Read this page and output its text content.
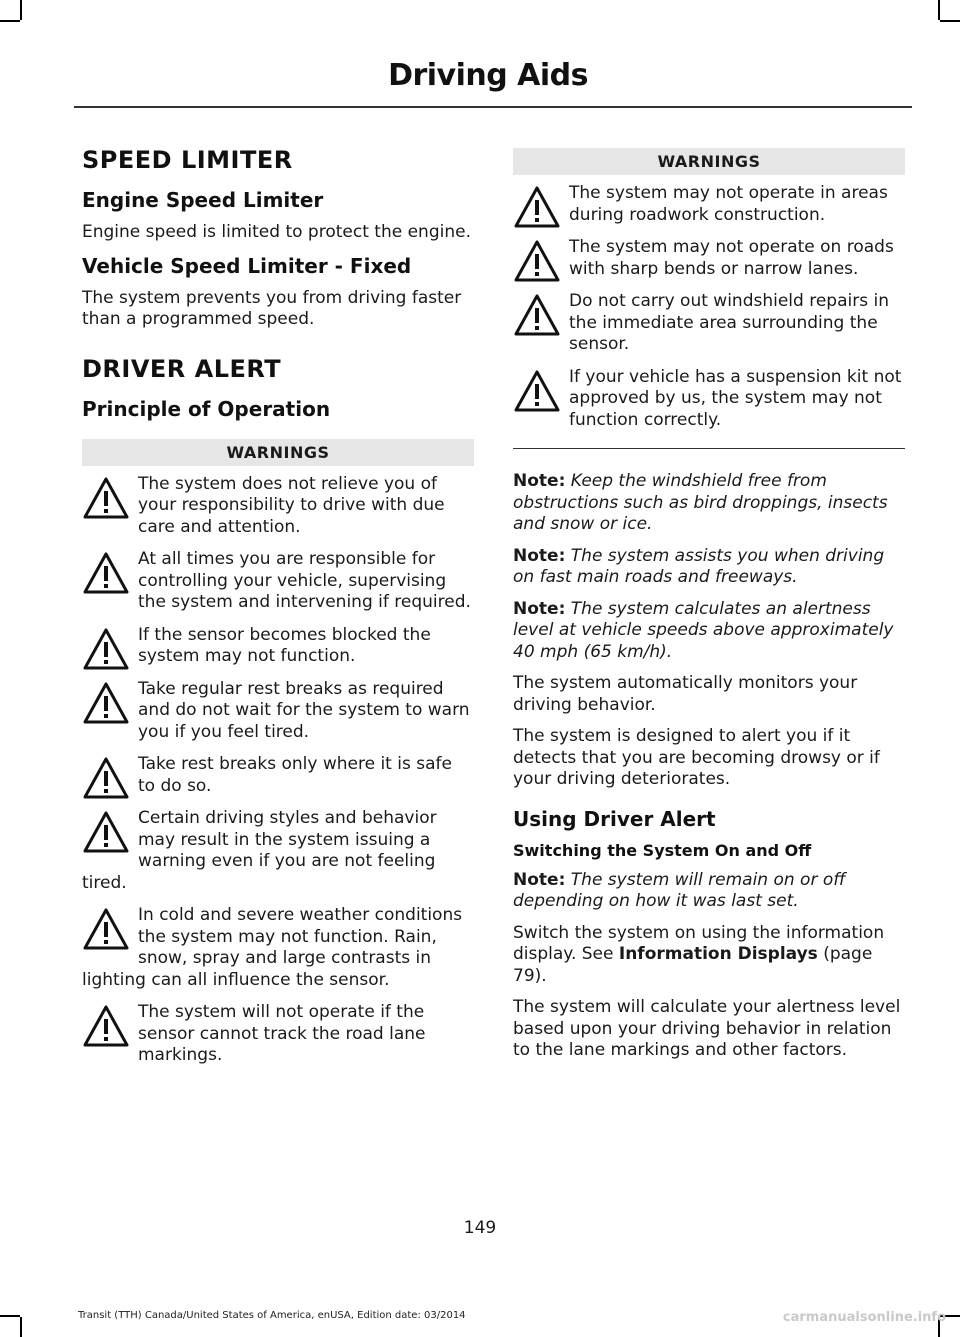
Driving Aids
SPEED LIMITER
Engine Speed Limiter
Engine speed is limited to protect the engine.
Vehicle Speed Limiter - Fixed
The system prevents you from driving faster than a programmed speed.
DRIVER ALERT
Principle of Operation
WARNINGS
The system does not relieve you of your responsibility to drive with due care and attention.
At all times you are responsible for controlling your vehicle, supervising the system and intervening if required.
If the sensor becomes blocked the system may not function.
Take regular rest breaks as required and do not wait for the system to warn you if you feel tired.
Take rest breaks only where it is safe to do so.
Certain driving styles and behavior may result in the system issuing a warning even if you are not feeling tired.
In cold and severe weather conditions the system may not function. Rain, snow, spray and large contrasts in lighting can all influence the sensor.
The system will not operate if the sensor cannot track the road lane markings.
WARNINGS
The system may not operate in areas during roadwork construction.
The system may not operate on roads with sharp bends or narrow lanes.
Do not carry out windshield repairs in the immediate area surrounding the sensor.
If your vehicle has a suspension kit not approved by us, the system may not function correctly.
Note: Keep the windshield free from obstructions such as bird droppings, insects and snow or ice.
Note: The system assists you when driving on fast main roads and freeways.
Note: The system calculates an alertness level at vehicle speeds above approximately 40 mph (65 km/h).
The system automatically monitors your driving behavior.
The system is designed to alert you if it detects that you are becoming drowsy or if your driving deteriorates.
Using Driver Alert
Switching the System On and Off
Note: The system will remain on or off depending on how it was last set.
Switch the system on using the information display. See Information Displays (page 79).
The system will calculate your alertness level based upon your driving behavior in relation to the lane markings and other factors.
149
Transit (TTH) Canada/United States of America, enUSA, Edition date: 03/2014	carmanualsonline.info
